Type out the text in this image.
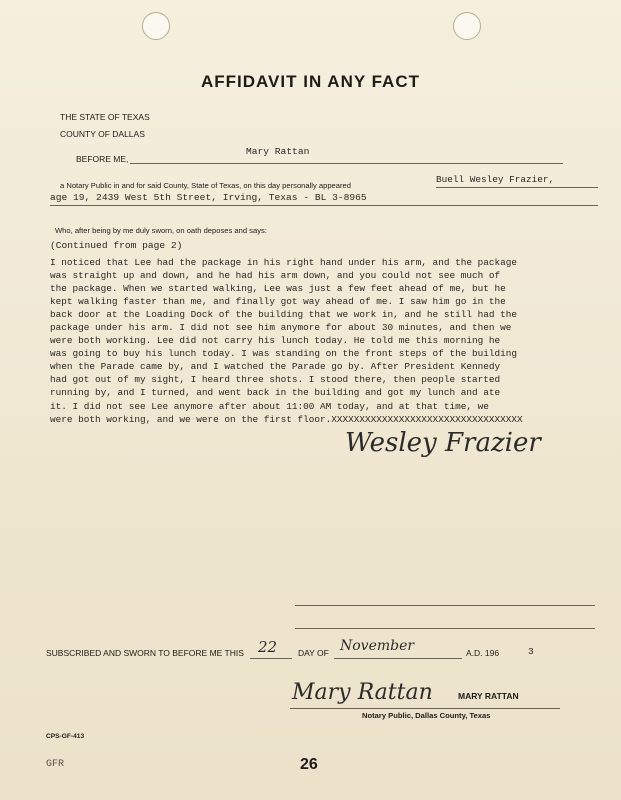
AFFIDAVIT IN ANY FACT
THE STATE OF TEXAS
COUNTY OF DALLAS
BEFORE ME,
Mary Rattan
a Notary Public in and for said County, State of Texas, on this day personally appeared
Buell Wesley Frazier,
age 19, 2439 West 5th Street, Irving, Texas - BL 3-8965
Who, after being by me duly sworn, on oath deposes and says:
(Continued from page 2)
I noticed that Lee had the package in his right hand under his arm, and the package
was straight up and down, and he had his arm down, and you could not see much of
the package. When we started walking, Lee was just a few feet ahead of me, but he
kept walking faster than me, and finally got way ahead of me. I saw him go in the
back door at the Loading Dock of the building that we work in, and he still had the
package under his arm. I did not see him anymore for about 30 minutes, and then we
were both working. Lee did not carry his lunch today. He told me this morning he
was going to buy his lunch today. I was standing on the front steps of the building
when the Parade came by, and I watched the Parade go by. After President Kennedy
had got out of my sight, I heard three shots. I stood there, then people started
running by, and I turned, and went back in the building and got my lunch and ate
it. I did not see Lee anymore after about 11:00 AM today, and at that time, we
were both working, and we were on the first floor.XXXXXXXXXXXXXXXXXXXXXXXXXXXXXXXXXX
Wesley Frazier
SUBSCRIBED AND SWORN TO BEFORE ME THIS 22 DAY OF November	A.D. 196	3
Mary Rattan	MARY RATTAN
Notary Public, Dallas County, Texas
CPS-GF-413
GFR	26
